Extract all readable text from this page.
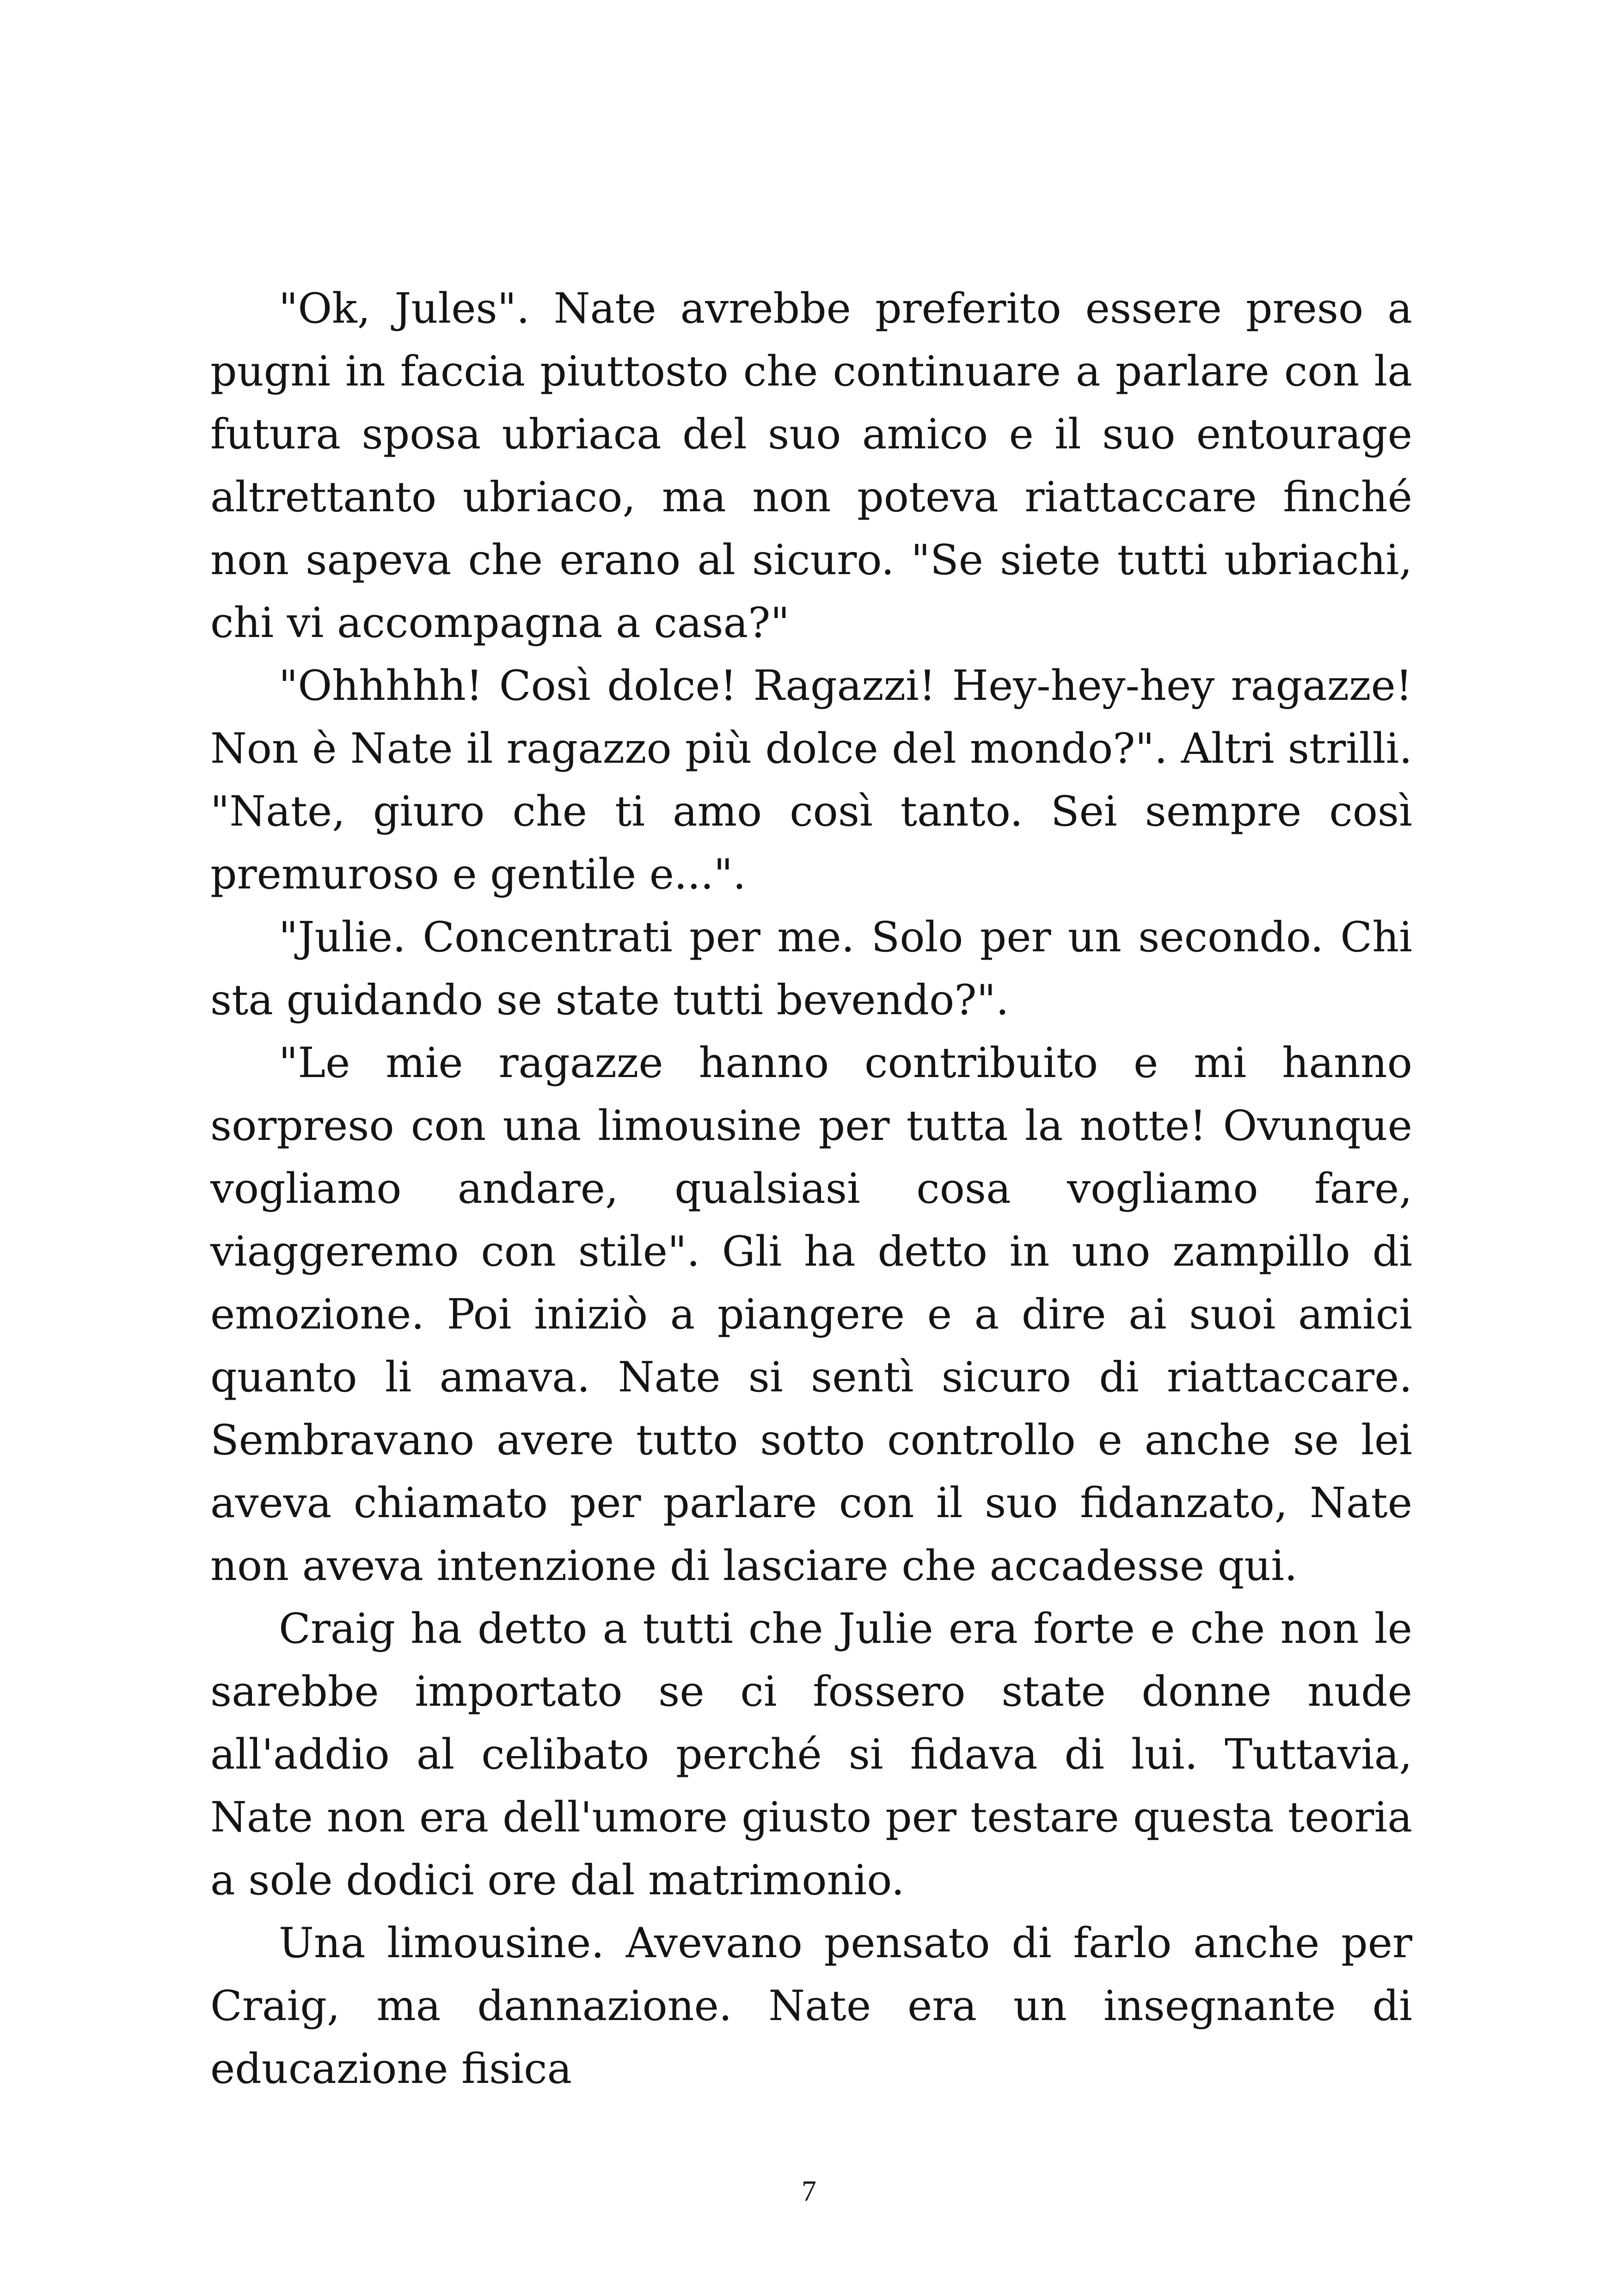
"Ok, Jules". Nate avrebbe preferito essere preso a pugni in faccia piuttosto che continuare a parlare con la futura sposa ubriaca del suo amico e il suo entourage altrettanto ubriaco, ma non poteva riattaccare finché non sapeva che erano al sicuro. "Se siete tutti ubriachi, chi vi accompagna a casa?"

"Ohhhhh! Così dolce! Ragazzi! Hey-hey-hey ragazze! Non è Nate il ragazzo più dolce del mondo?". Altri strilli. "Nate, giuro che ti amo così tanto. Sei sempre così premuroso e gentile e...".

"Julie. Concentrati per me. Solo per un secondo. Chi sta guidando se state tutti bevendo?".

"Le mie ragazze hanno contribuito e mi hanno sorpreso con una limousine per tutta la notte! Ovunque vogliamo andare, qualsiasi cosa vogliamo fare, viaggeremo con stile". Gli ha detto in uno zampillo di emozione. Poi iniziò a piangere e a dire ai suoi amici quanto li amava. Nate si sentì sicuro di riattaccare. Sembravano avere tutto sotto controllo e anche se lei aveva chiamato per parlare con il suo fidanzato, Nate non aveva intenzione di lasciare che accadesse qui.

Craig ha detto a tutti che Julie era forte e che non le sarebbe importato se ci fossero state donne nude all'addio al celibato perché si fidava di lui. Tuttavia, Nate non era dell'umore giusto per testare questa teoria a sole dodici ore dal matrimonio.

Una limousine. Avevano pensato di farlo anche per Craig, ma dannazione. Nate era un insegnante di educazione fisica

7
